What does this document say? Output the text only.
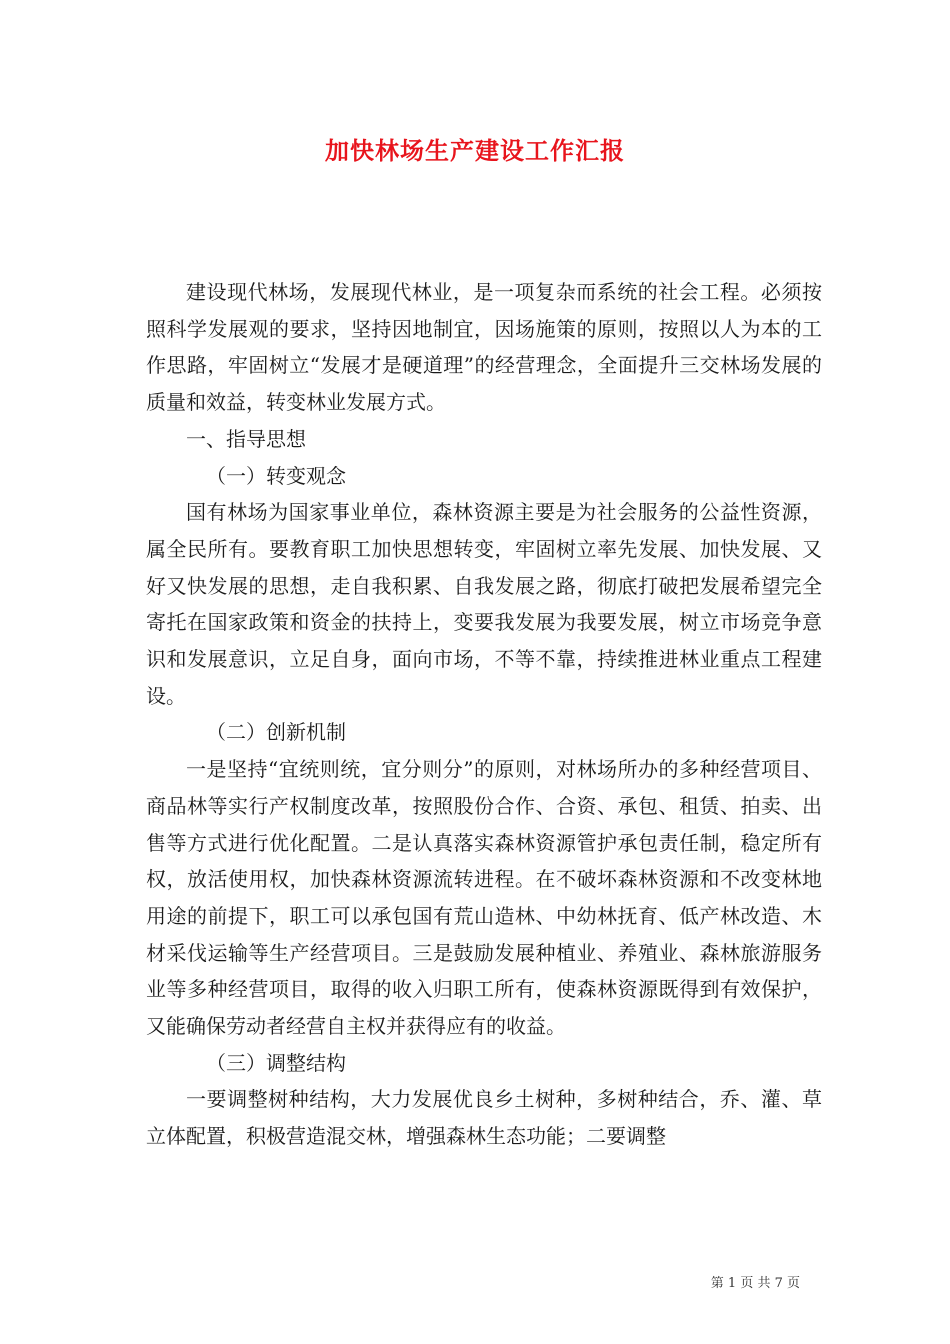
加快林场生产建设工作汇报

建设现代林场，发展现代林业，是一项复杂而系统的社会工程。必须按照科学发展观的要求，坚持因地制宜，因场施策的原则，按照以人为本的工作思路，牢固树立“发展才是硬道理”的经营理念，全面提升三交林场发展的质量和效益，转变林业发展方式。

一、指导思想

（一）转变观念

国有林场为国家事业单位，森林资源主要是为社会服务的公益性资源，属全民所有。要教育职工加快思想转变，牢固树立率先发展、加快发展、又好又快发展的思想，走自我积累、自我发展之路，彻底打破把发展希望完全寄托在国家政策和资金的扶持上，变要我发展为我要发展，树立市场竞争意识和发展意识，立足自身，面向市场，不等不靠，持续推进林业重点工程建设。

（二）创新机制

一是坚持“宜统则统，宜分则分”的原则，对林场所办的多种经营项目、商品林等实行产权制度改革，按照股份合作、合资、承包、租赁、拍卖、出售等方式进行优化配置。二是认真落实森林资源管护承包责任制，稳定所有权，放活使用权，加快森林资源流转进程。在不破坏森林资源和不改变林地用途的前提下，职工可以承包国有荒山造林、中幼林抚育、低产林改造、木材采伐运输等生产经营项目。三是鼓励发展种植业、养殖业、森林旅游服务业等多种经营项目，取得的收入归职工所有，使森林资源既得到有效保护，又能确保劳动者经营自主权并获得应有的收益。

（三）调整结构

一要调整树种结构，大力发展优良乡土树种，多树种结合，乔、灌、草立体配置，积极营造混交林，增强森林生态功能；二要调整

第 1 页 共 7 页
